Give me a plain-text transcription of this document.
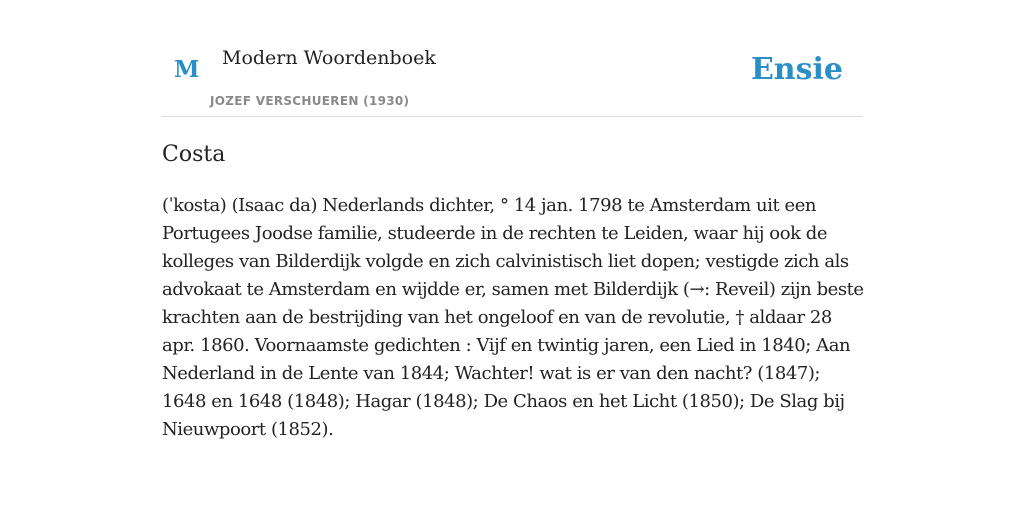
M Modern Woordenboek
JOZEF VERSCHUEREN (1930)
Ensie
Costa

(ˈkosta) (Isaac da) Nederlands dichter, ° 14 jan. 1798 te Amsterdam uit een Portugees Joodse familie, studeerde in de rechten te Leiden, waar hij ook de kolleges van Bilderdijk volgde en zich calvinistisch liet dopen; vestigde zich als advokaat te Amsterdam en wijdde er, samen met Bilderdijk (→: Reveil) zijn beste krachten aan de bestrijding van het ongeloof en van de revolutie, † aldaar 28 apr. 1860. Voornaamste gedichten : Vijf en twintig jaren, een Lied in 1840; Aan Nederland in de Lente van 1844; Wachter! wat is er van den nacht? (1847); 1648 en 1648 (1848); Hagar (1848); De Chaos en het Licht (1850); De Slag bij Nieuwpoort (1852).
